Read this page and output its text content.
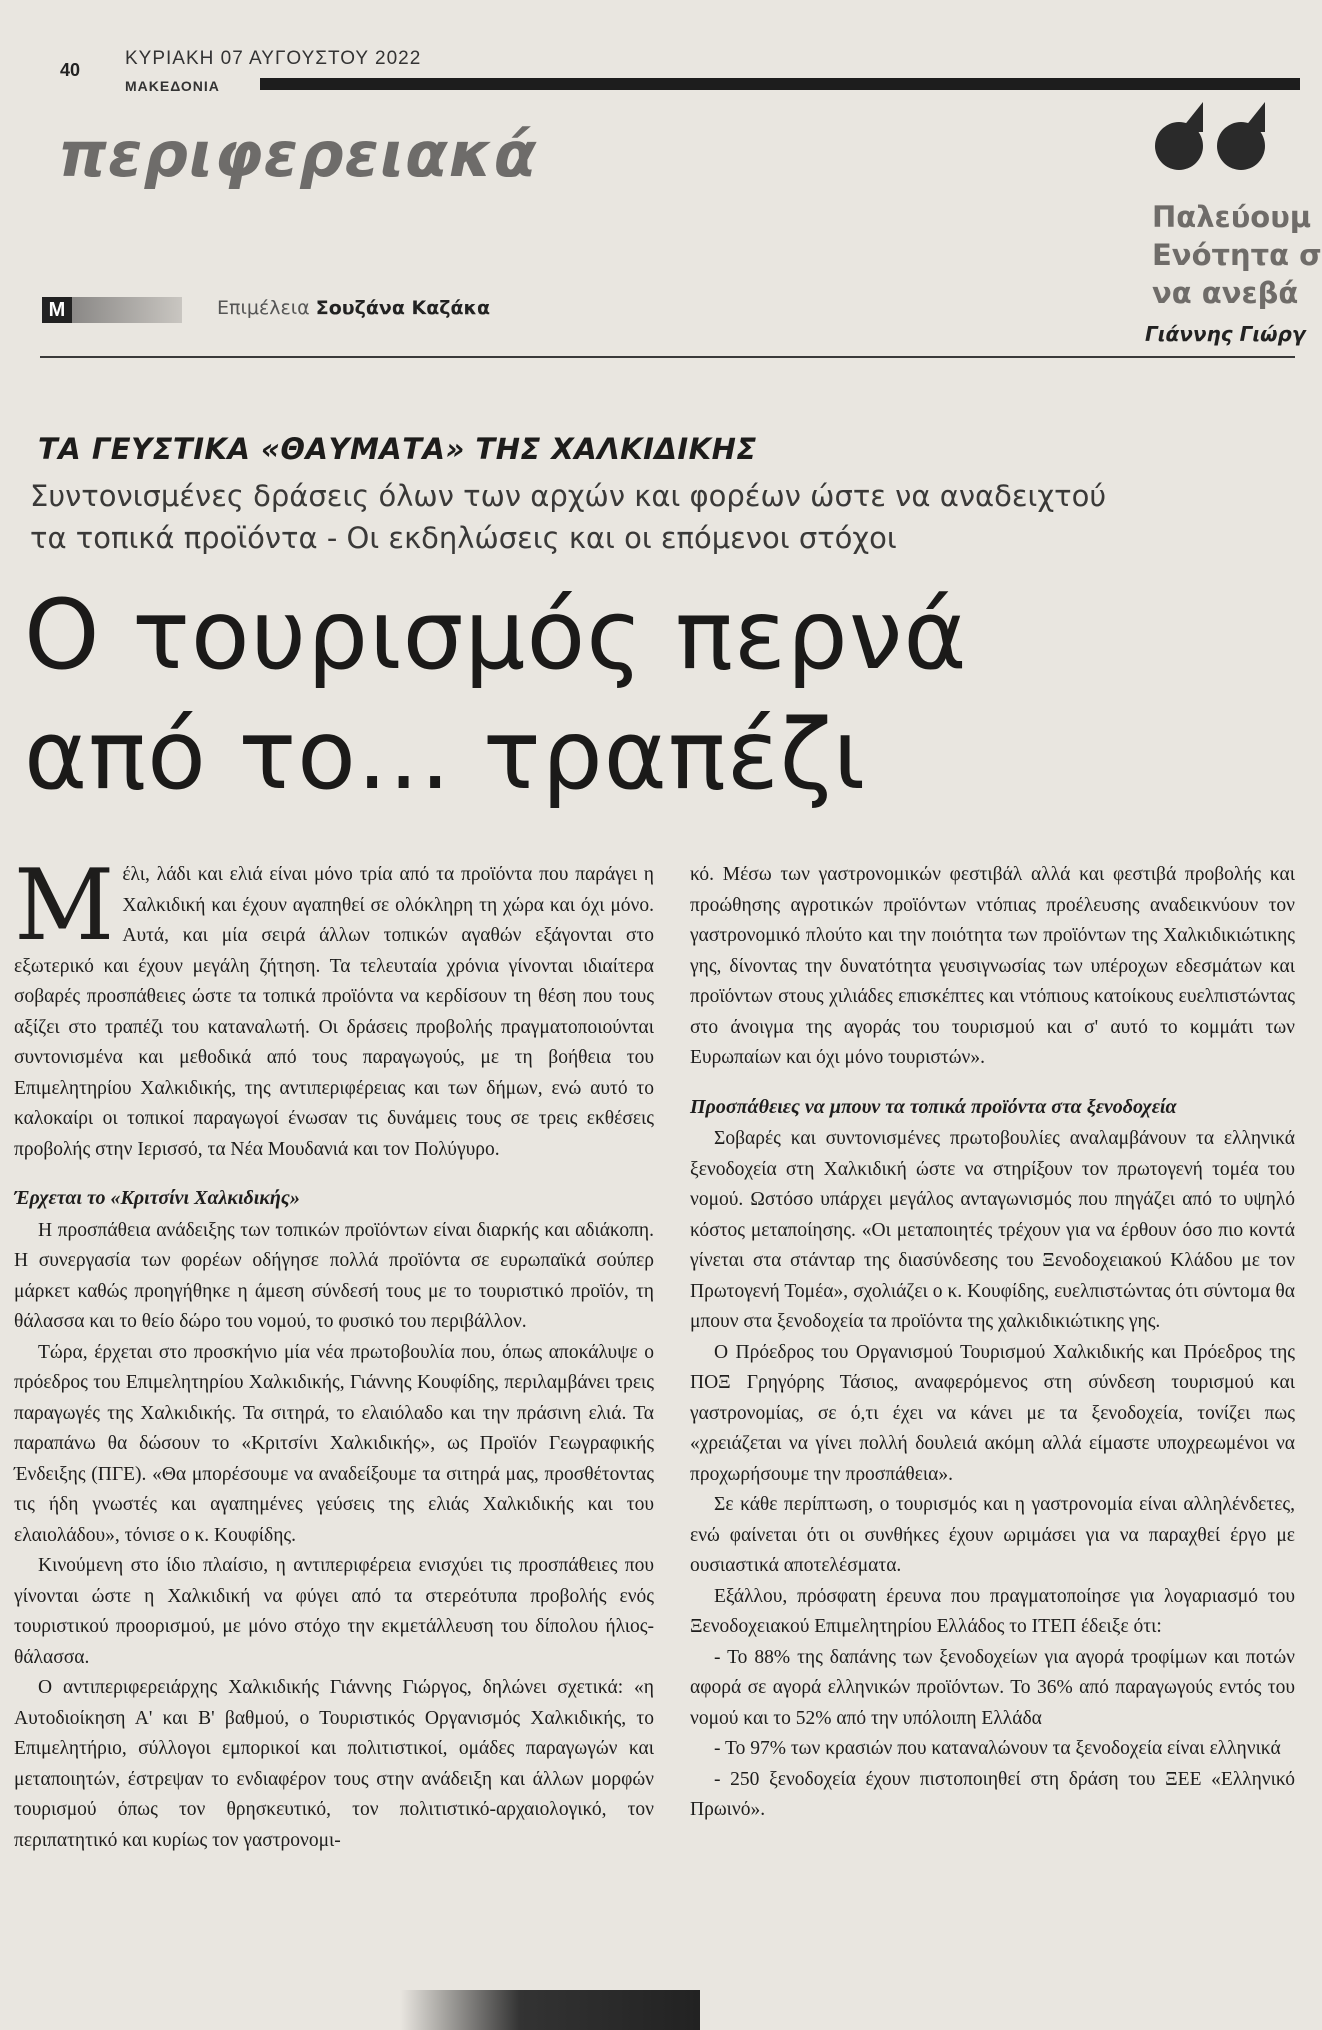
40
ΚΥΡΙΑΚΗ 07 ΑΥΓΟΥΣΤΟΥ 2022
ΜΑΚΕΔΟΝΙΑ
περιφερειακά
M	Επιμέλεια Σουζάνα Καζάκα
Παλεύουμ
Ενότητα σ
να ανεβά
Γιάννης Γιώργ
ΤΑ ΓΕΥΣΤΙΚΑ «ΘΑΥΜΑΤΑ» ΤΗΣ ΧΑΛΚΙΔΙΚΗΣ
Συντονισμένες δράσεις όλων των αρχών και φορέων ώστε να αναδειχτού
τα τοπικά προϊόντα - Οι εκδηλώσεις και οι επόμενοι στόχοι
Ο τουρισμός περνά
από το... τραπέζι

Μέλι, λάδι και ελιά είναι μόνο τρία από τα προϊόντα που παράγει η Χαλκιδική και έχουν αγαπηθεί σε ολόκληρη τη χώρα και όχι μόνο. Αυτά, και μία σειρά άλλων τοπικών αγαθών εξάγονται στο εξωτερικό και έχουν μεγάλη ζήτηση. Τα τελευταία χρόνια γίνονται ιδιαίτερα σοβαρές προσπάθειες ώστε τα τοπικά προϊόντα να κερδίσουν τη θέση που τους αξίζει στο τραπέζι του καταναλωτή. Οι δράσεις προβολής πραγματοποιούνται συντονισμένα και μεθοδικά από τους παραγωγούς, με τη βοήθεια του Επιμελητηρίου Χαλκιδικής, της αντιπεριφέρειας και των δήμων, ενώ αυτό το καλοκαίρι οι τοπικοί παραγωγοί ένωσαν τις δυνάμεις τους σε τρεις εκθέσεις προβολής στην Ιερισσό, τα Νέα Μουδανιά και τον Πολύγυρο.

Έρχεται το «Κριτσίνι Χαλκιδικής»

Η προσπάθεια ανάδειξης των τοπικών προϊόντων είναι διαρκής και αδιάκοπη. Η συνεργασία των φορέων οδήγησε πολλά προϊόντα σε ευρωπαϊκά σούπερ μάρκετ καθώς προηγήθηκε η άμεση σύνδεσή τους με το τουριστικό προϊόν, τη θάλασσα και το θείο δώρο του νομού, το φυσικό του περιβάλλον.

Τώρα, έρχεται στο προσκήνιο μία νέα πρωτοβουλία που, όπως αποκάλυψε ο πρόεδρος του Επιμελητηρίου Χαλκιδικής, Γιάννης Κουφίδης, περιλαμβάνει τρεις παραγωγές της Χαλκιδικής. Τα σιτηρά, το ελαιόλαδο και την πράσινη ελιά. Τα παραπάνω θα δώσουν το «Κριτσίνι Χαλκιδικής», ως Προϊόν Γεωγραφικής Ένδειξης (ΠΓΕ). «Θα μπορέσουμε να αναδείξουμε τα σιτηρά μας, προσθέτοντας τις ήδη γνωστές και αγαπημένες γεύσεις της ελιάς Χαλκιδικής και του ελαιολάδου», τόνισε ο κ. Κουφίδης.

Κινούμενη στο ίδιο πλαίσιο, η αντιπεριφέρεια ενισχύει τις προσπάθειες που γίνονται ώστε η Χαλκιδική να φύγει από τα στερεότυπα προβολής ενός τουριστικού προορισμού, με μόνο στόχο την εκμετάλλευση του δίπολου ήλιος-θάλασσα.

Ο αντιπεριφερειάρχης Χαλκιδικής Γιάννης Γιώργος, δηλώνει σχετικά: «η Αυτοδιοίκηση Α' και Β' βαθμού, ο Τουριστικός Οργανισμός Χαλκιδικής, το Επιμελητήριο, σύλλογοι εμπορικοί και πολιτιστικοί, ομάδες παραγωγών και μεταποιητών, έστρεψαν το ενδιαφέρον τους στην ανάδειξη και άλλων μορφών τουρισμού όπως τον θρησκευτικό, τον πολιτιστικό-αρχαιολογικό, τον περιπατητικό και κυρίως τον γαστρονομι-

κό. Μέσω των γαστρονομικών φεστιβάλ αλλά και φεστιβά προβολής και προώθησης αγροτικών προϊόντων ντόπιας προέλευσης αναδεικνύουν τον γαστρονομικό πλούτο και την ποιότητα των προϊόντων της Χαλκιδικιώτικης γης, δίνοντας την δυνατότητα γευσιγνωσίας των υπέροχων εδεσμάτων και προϊόντων στους χιλιάδες επισκέπτες και ντόπιους κατοίκους ευελπιστώντας στο άνοιγμα της αγοράς του τουρισμού και σ' αυτό το κομμάτι των Ευρωπαίων και όχι μόνο τουριστών».

Προσπάθειες να μπουν τα τοπικά προϊόντα στα ξενοδοχεία

Σοβαρές και συντονισμένες πρωτοβουλίες αναλαμβάνουν τα ελληνικά ξενοδοχεία στη Χαλκιδική ώστε να στηρίξουν τον πρωτογενή τομέα του νομού. Ωστόσο υπάρχει μεγάλος ανταγωνισμός που πηγάζει από το υψηλό κόστος μεταποίησης. «Οι μεταποιητές τρέχουν για να έρθουν όσο πιο κοντά γίνεται στα στάνταρ της διασύνδεσης του Ξενοδοχειακού Κλάδου με τον Πρωτογενή Τομέα», σχολιάζει ο κ. Κουφίδης, ευελπιστώντας ότι σύντομα θα μπουν στα ξενοδοχεία τα προϊόντα της χαλκιδικιώτικης γης.

Ο Πρόεδρος του Οργανισμού Τουρισμού Χαλκιδικής και Πρόεδρος της ΠΟΞ Γρηγόρης Τάσιος, αναφερόμενος στη σύνδεση τουρισμού και γαστρονομίας, σε ό,τι έχει να κάνει με τα ξενοδοχεία, τονίζει πως «χρειάζεται να γίνει πολλή δουλειά ακόμη αλλά είμαστε υποχρεωμένοι να προχωρήσουμε την προσπάθεια».

Σε κάθε περίπτωση, ο τουρισμός και η γαστρονομία είναι αλληλένδετες, ενώ φαίνεται ότι οι συνθήκες έχουν ωριμάσει για να παραχθεί έργο με ουσιαστικά αποτελέσματα.

Εξάλλου, πρόσφατη έρευνα που πραγματοποίησε για λογαριασμό του Ξενοδοχειακού Επιμελητηρίου Ελλάδος το ΙΤΕΠ έδειξε ότι:

- Το 88% της δαπάνης των ξενοδοχείων για αγορά τροφίμων και ποτών αφορά σε αγορά ελληνικών προϊόντων. Το 36% από παραγωγούς εντός του νομού και το 52% από την υπόλοιπη Ελλάδα

- Το 97% των κρασιών που καταναλώνουν τα ξενοδοχεία είναι ελληνικά

- 250 ξενοδοχεία έχουν πιστοποιηθεί στη δράση του ΞΕΕ «Ελληνικό Πρωινό».
